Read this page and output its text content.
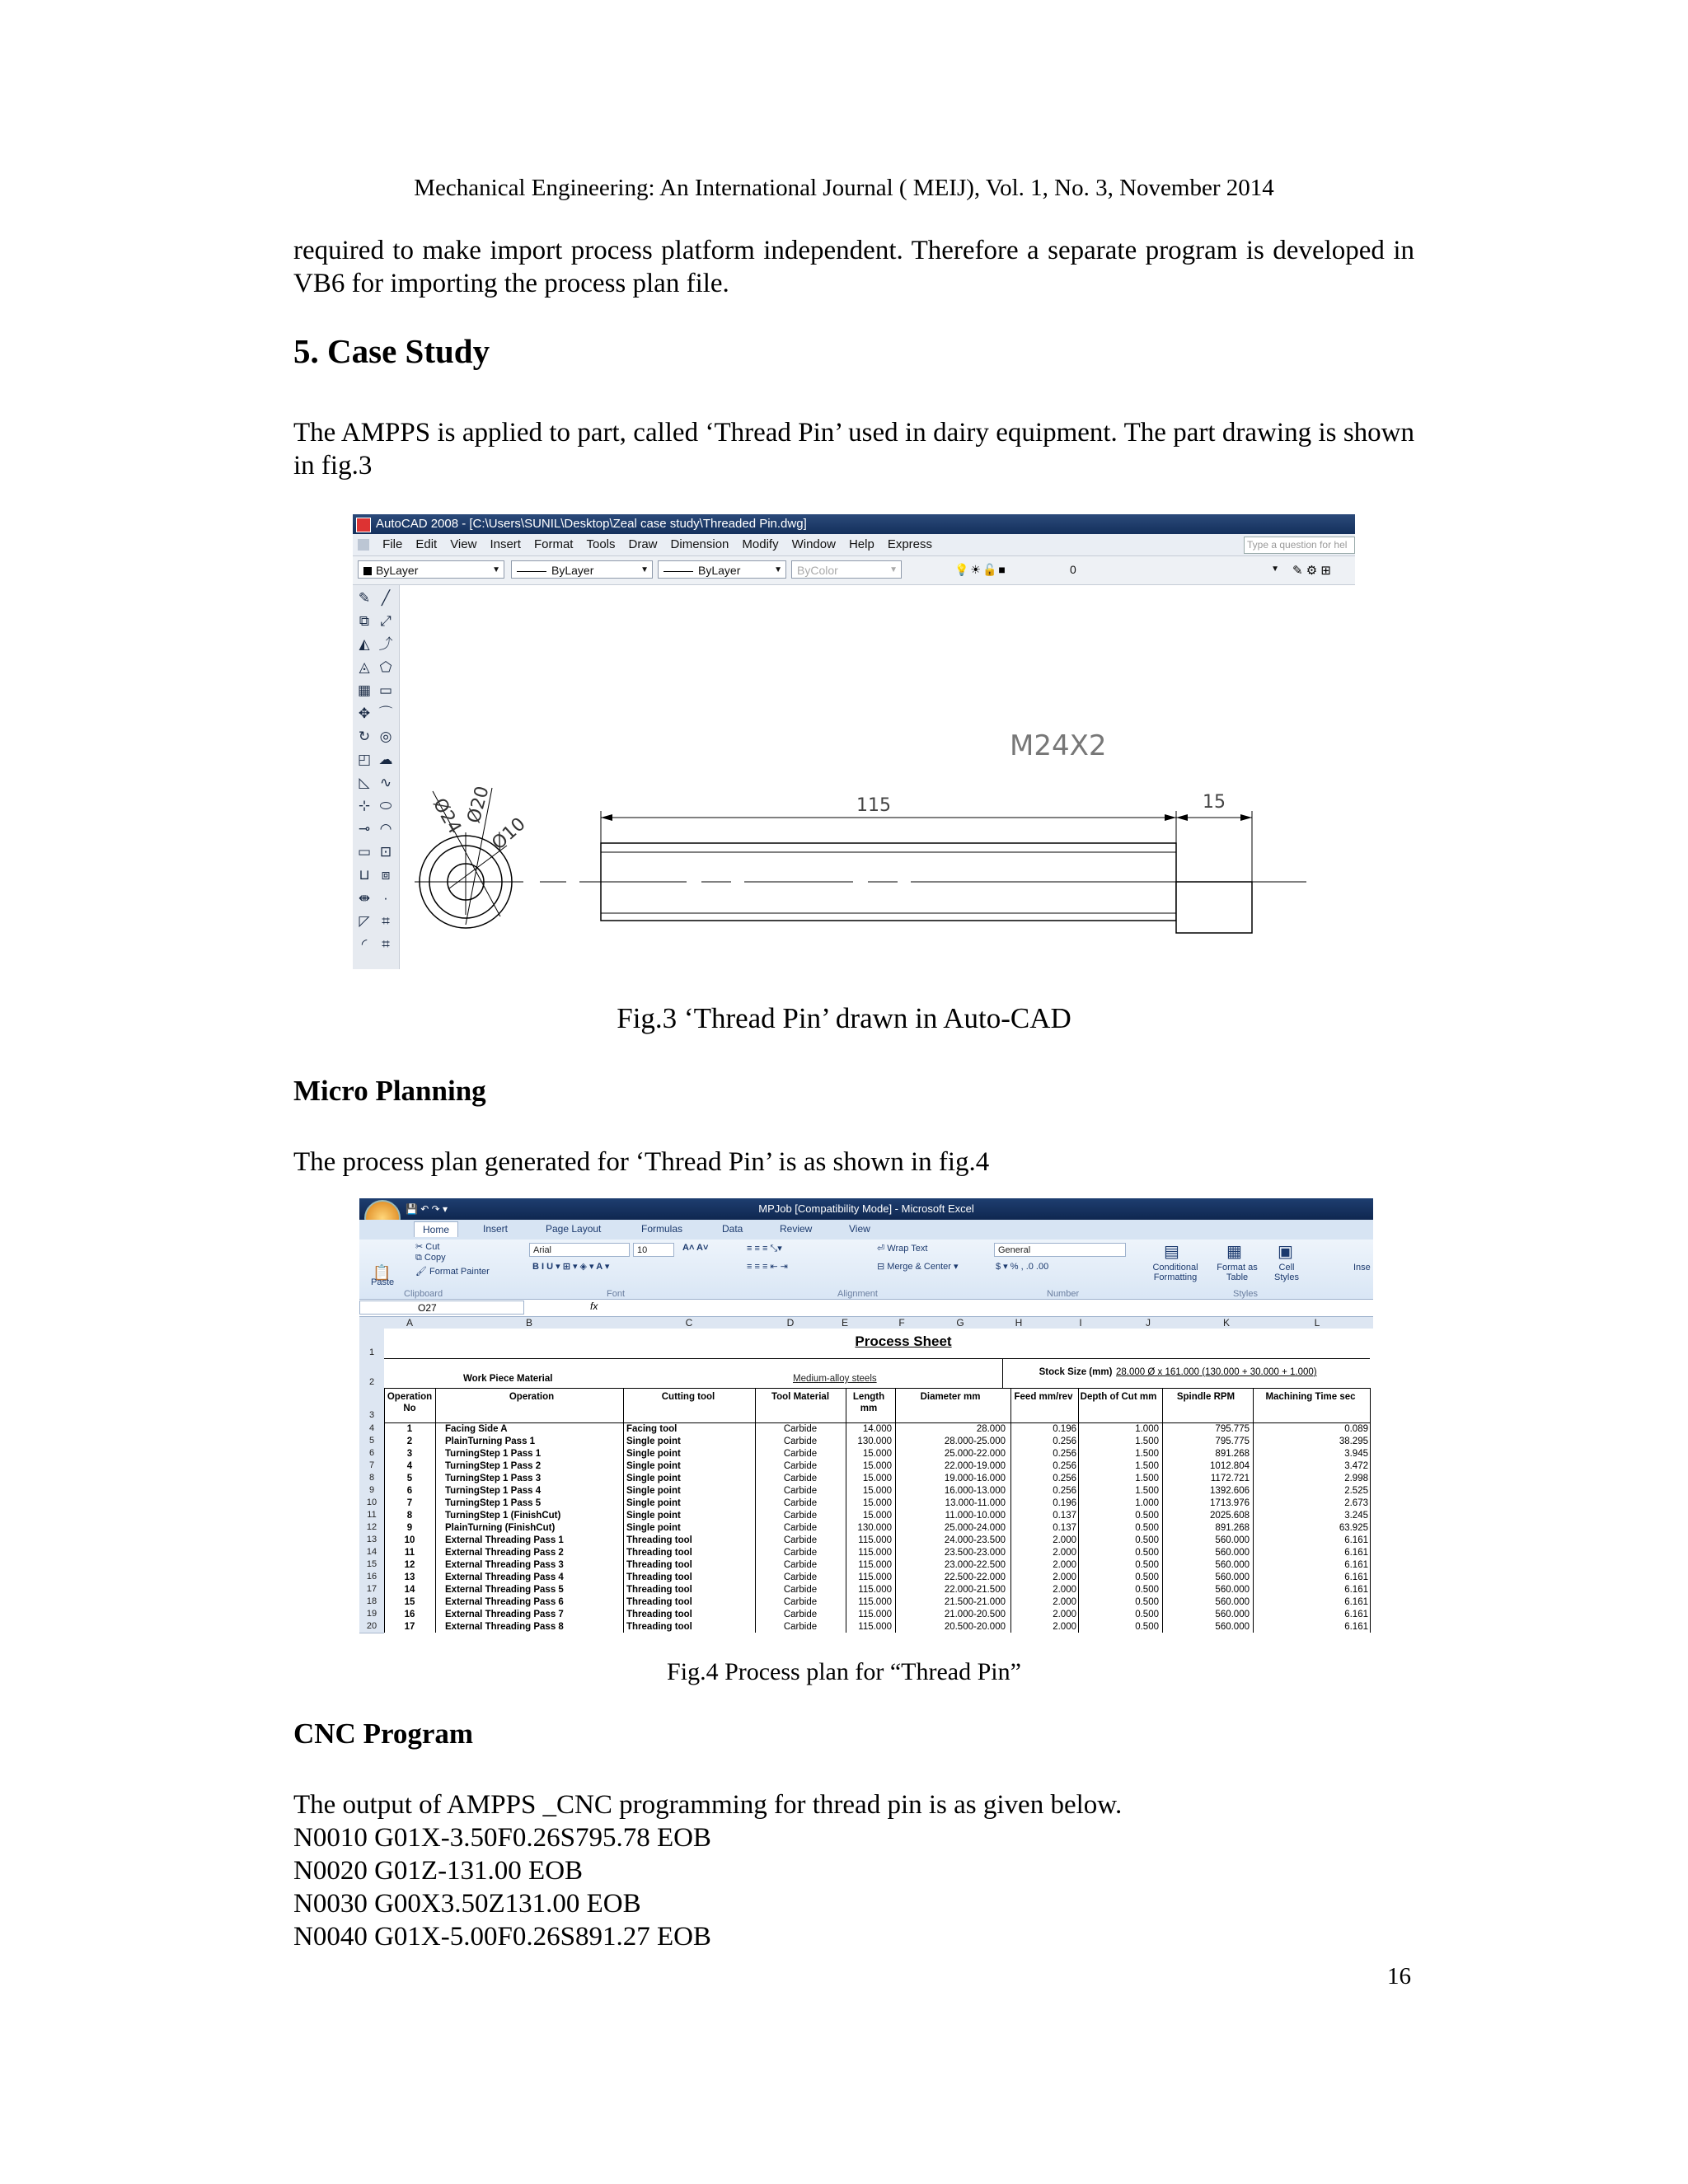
Mechanical Engineering: An International Journal ( MEIJ), Vol. 1, No. 3, November 2014

required to make import process platform independent. Therefore a separate program is developed in VB6 for importing the process plan file.

5. Case Study

The AMPPS is applied to part, called ‘Thread Pin’ used in dairy equipment. The part drawing is shown in fig.3

AutoCAD 2008 - [C:\Users\SUNIL\Desktop\Zeal case study\Threaded Pin.dwg]
File Edit View Insert Format Tools Draw Dimension Modify Window Help Express	Type a question for hel
ByLayer	▼	ByLayer	▼	ByLayer	▼	ByColor	▼	💡☀🔓■	0	▼ ✎ ⚙ ⊞
✎ ╱
⧉ ⤢
◭ ⤴
◬ ⬠
▦ ▭
✥ ⌒
↻ ◎
◰ ☁
◺ ∿
⊹ ⬭
⊸ ◠
▭ ⊡
⊔ ⧈
⇼ ·
◸ ⌗
◜	⌗
M24X2
115	15
Ø24
Ø20
Ø10

Fig.3 ‘Thread Pin’ drawn in Auto-CAD

Micro Planning

The process plan generated for ‘Thread Pin’ is as shown in fig.4

MPJob [Compatibility Mode] - Microsoft Excel
💾 ↶ ↷ ▾
Home	Insert	Page Layout	Formulas	Data	Review	View
📋
Paste
✂ Cut
⧉ Copy
🖌 Format Painter
Arial	10	A˄ A˅
B I U ▾ ⊞ ▾ ◈ ▾ A ▾
≡ ≡ ≡ ⤡▾
≡ ≡ ≡ ⇤ ⇥
⏎ Wrap Text
⊟ Merge & Center ▾
General
$ ▾ % , .0 .00	Conditional Formatting
Format as Table
Cell Styles
Inse
▤	▦ ▣
Clipboard	Font	Alignment	Number	Styles
O27	fx
A	B	C	D	E	F	G	H	I	J	K	L
1
2
3
4
5
6
7
8
9
10
11
12
13
14
15
16
17
18
19
20
Process Sheet
Work Piece Material	Medium-alloy steels
Stock Size (mm) 28.000 Ø x 161.000 (130.000 + 30.000 + 1.000)
Operation No
Operation	Cutting tool	Tool Material	Length mm
Diameter mm	Feed mm/rev Depth of Cut mm	Spindle RPM	Machining Time sec
1	Facing Side A	Facing tool	Carbide	14.000	28.000	0.196	1.000	795.775	0.089
2	PlainTurning Pass 1	Single point	Carbide	130.000	28.000-25.000	0.256	1.500	795.775	38.295
3	TurningStep 1 Pass 1	Single point	Carbide	15.000	25.000-22.000	0.256	1.500	891.268	3.945
4	TurningStep 1 Pass 2	Single point	Carbide	15.000	22.000-19.000	0.256	1.500	1012.804	3.472
5	TurningStep 1 Pass 3	Single point	Carbide	15.000	19.000-16.000	0.256	1.500	1172.721	2.998
6	TurningStep 1 Pass 4	Single point	Carbide	15.000	16.000-13.000	0.256	1.500	1392.606	2.525
7	TurningStep 1 Pass 5	Single point	Carbide	15.000	13.000-11.000	0.196	1.000	1713.976	2.673
8	TurningStep 1 (FinishCut)	Single point	Carbide	15.000	11.000-10.000	0.137	0.500	2025.608	3.245
9	PlainTurning (FinishCut)	Single point	Carbide	130.000	25.000-24.000	0.137	0.500	891.268	63.925
10	External Threading Pass 1	Threading tool	Carbide	115.000	24.000-23.500	2.000	0.500	560.000	6.161
11	External Threading Pass 2	Threading tool	Carbide	115.000	23.500-23.000	2.000	0.500	560.000	6.161
12	External Threading Pass 3	Threading tool	Carbide	115.000	23.000-22.500	2.000	0.500	560.000	6.161
13	External Threading Pass 4	Threading tool	Carbide	115.000	22.500-22.000	2.000	0.500	560.000	6.161
14	External Threading Pass 5	Threading tool	Carbide	115.000	22.000-21.500	2.000	0.500	560.000	6.161
15	External Threading Pass 6	Threading tool	Carbide	115.000	21.500-21.000	2.000	0.500	560.000	6.161
16	External Threading Pass 7	Threading tool	Carbide	115.000	21.000-20.500	2.000	0.500	560.000	6.161
17	External Threading Pass 8	Threading tool	Carbide	115.000	20.500-20.000	2.000	0.500	560.000	6.161

Fig.4 Process plan for “Thread Pin”

CNC Program

The output of AMPPS _CNC programming for thread pin is as given below.

N0010 G01X-3.50F0.26S795.78 EOB

N0020 G01Z-131.00 EOB

N0030 G00X3.50Z131.00 EOB

N0040 G01X-5.00F0.26S891.27 EOB

16
